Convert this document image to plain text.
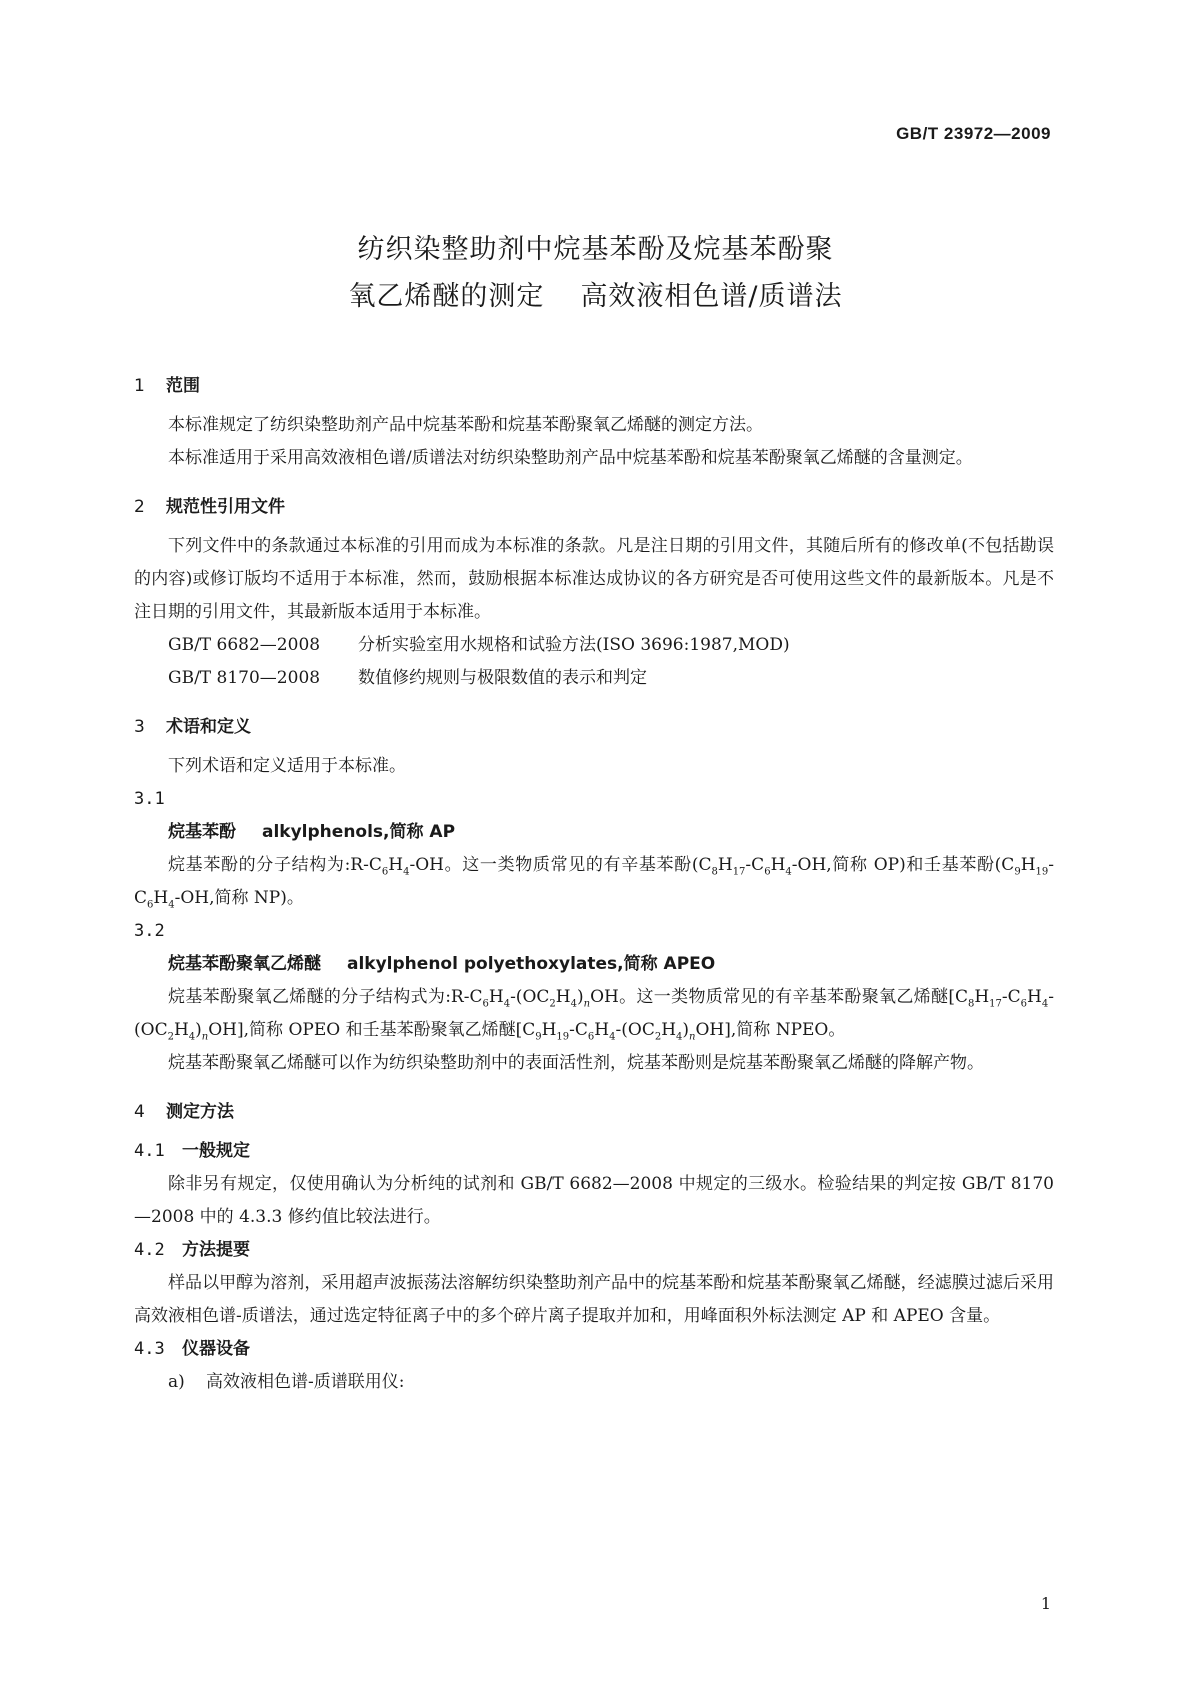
GB/T 23972—2009
纺织染整助剂中烷基苯酚及烷基苯酚聚
氧乙烯醚的测定 高效液相色谱/质谱法
1 范围

本标准规定了纺织染整助剂产品中烷基苯酚和烷基苯酚聚氧乙烯醚的测定方法。

本标准适用于采用高效液相色谱/质谱法对纺织染整助剂产品中烷基苯酚和烷基苯酚聚氧乙烯醚的含量测定。

2 规范性引用文件

下列文件中的条款通过本标准的引用而成为本标准的条款。凡是注日期的引用文件，其随后所有的修改单(不包括勘误的内容)或修订版均不适用于本标准，然而，鼓励根据本标准达成协议的各方研究是否可使用这些文件的最新版本。凡是不注日期的引用文件，其最新版本适用于本标准。

GB/T 6682—2008 分析实验室用水规格和试验方法(ISO 3696:1987,MOD)

GB/T 8170—2008 数值修约规则与极限数值的表示和判定

3 术语和定义

下列术语和定义适用于本标准。

3.1
烷基苯酚 alkylphenols,简称 AP

烷基苯酚的分子结构为$:R-C_6H_4-OH$。这一类物质常见的有辛基苯酚($C_8H_{17}-C_6H_4-OH$,简称 OP)和壬基苯酚($C_9H_{19}-C_6H_4-OH$,简称 NP)。

3.2
烷基苯酚聚氧乙烯醚 alkylphenol polyethoxylates,简称 APEO

烷基苯酚聚氧乙烯醚的分子结构式为$:R-C_6H_4-(OC_2H_4)_nOH$。这一类物质常见的有辛基苯酚聚氧乙烯醚$[C_8H_{17}-C_6H_4-(OC_2H_4)_nOH]$,简称 OPEO 和壬基苯酚聚氧乙烯醚$[C_9H_{19}-C_6H_4-(OC_2H_4)_nOH]$,简称 NPEO。

烷基苯酚聚氧乙烯醚可以作为纺织染整助剂中的表面活性剂，烷基苯酚则是烷基苯酚聚氧乙烯醚的降解产物。

4 测定方法
4.1 一般规定

除非另有规定，仅使用确认为分析纯的试剂和 GB/T 6682—2008 中规定的三级水。检验结果的判定按 GB/T 8170—2008 中的 4.3.3 修约值比较法进行。

4.2 方法提要

样品以甲醇为溶剂，采用超声波振荡法溶解纺织染整助剂产品中的烷基苯酚和烷基苯酚聚氧乙烯醚，经滤膜过滤后采用高效液相色谱-质谱法，通过选定特征离子中的多个碎片离子提取并加和，用峰面积外标法测定 AP 和 APEO 含量。

4.3 仪器设备
a) 高效液相色谱-质谱联用仪:
1
